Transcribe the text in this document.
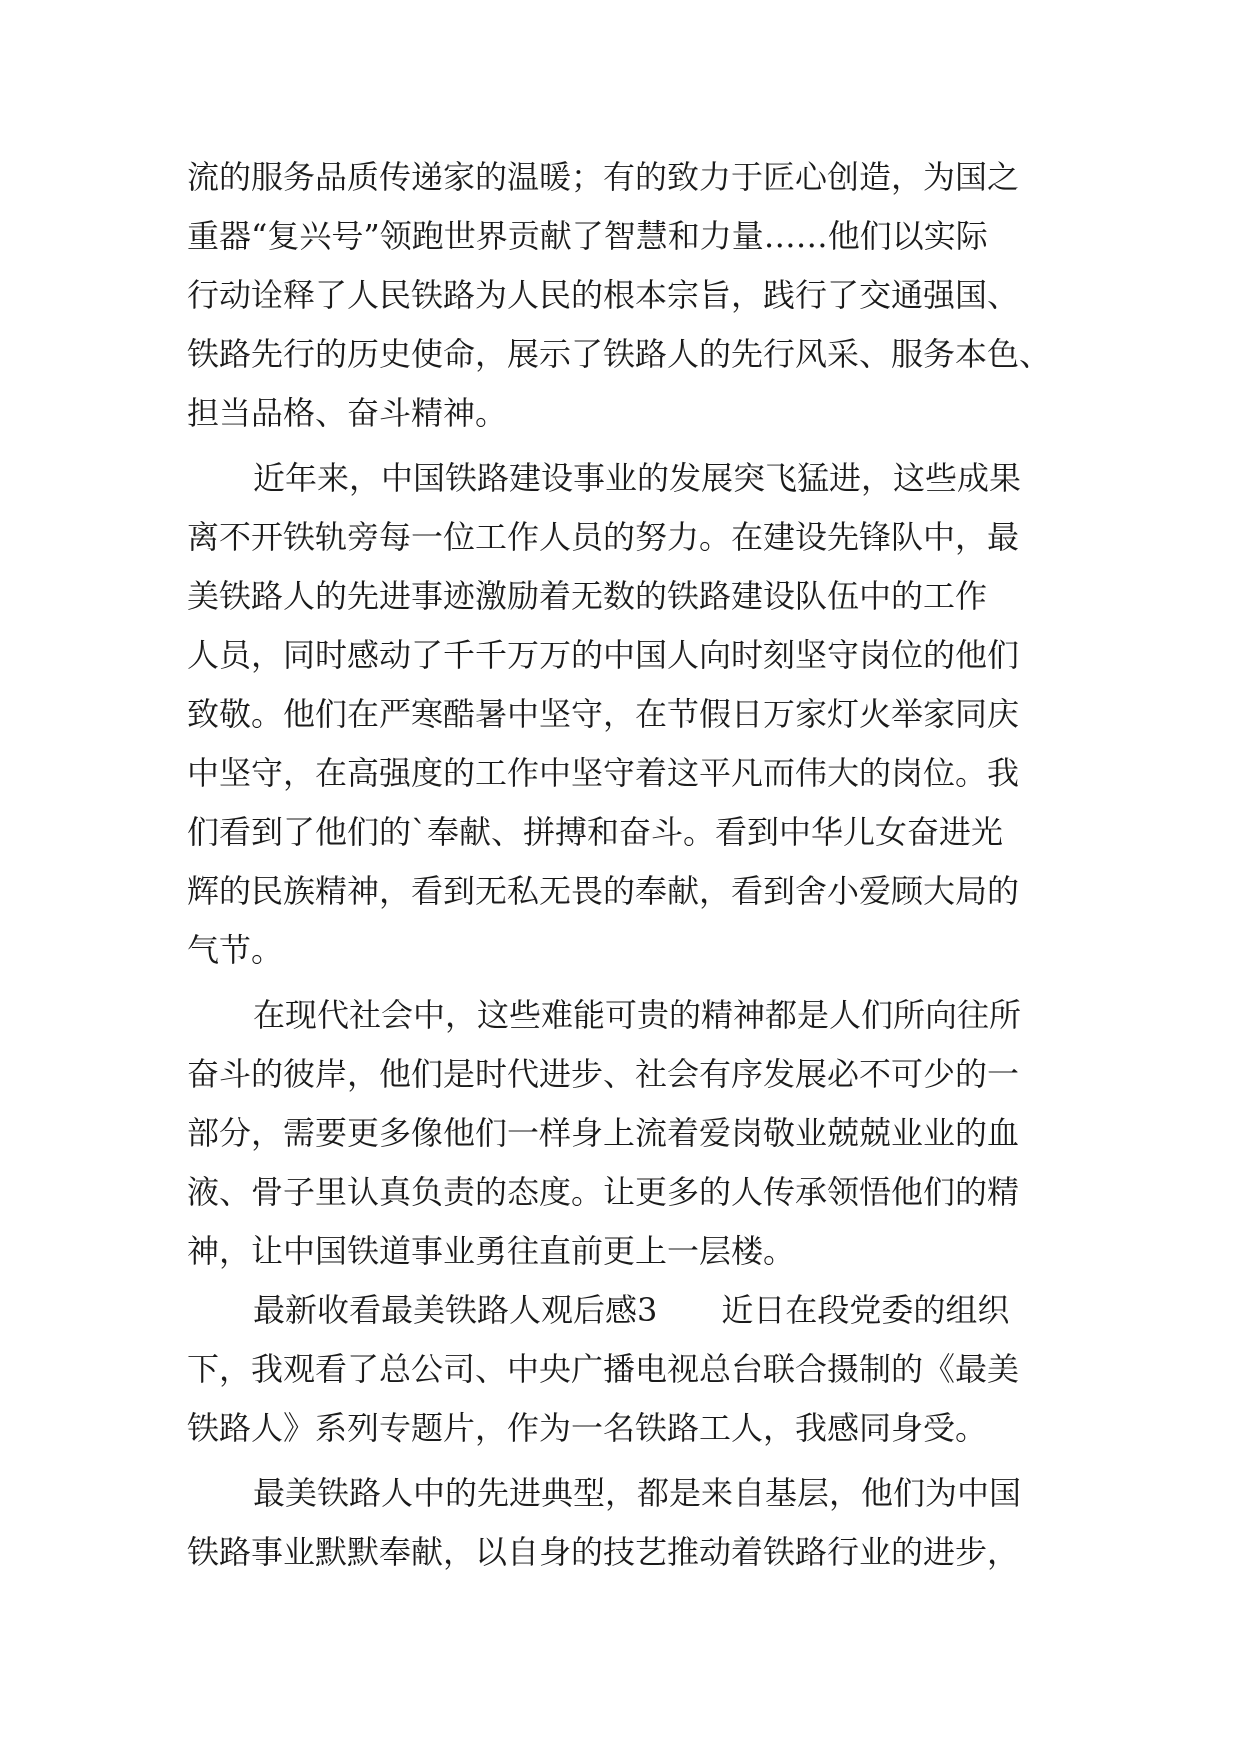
流的服务品质传递家的温暖；有的致力于匠心创造，为国之
重器“复兴号”领跑世界贡献了智慧和力量……他们以实际
行动诠释了人民铁路为人民的根本宗旨，践行了交通强国、
铁路先行的历史使命，展示了铁路人的先行风采、服务本色、
担当品格、奋斗精神。
近年来，中国铁路建设事业的发展突飞猛进，这些成果
离不开铁轨旁每一位工作人员的努力。在建设先锋队中，最
美铁路人的先进事迹激励着无数的铁路建设队伍中的工作
人员，同时感动了千千万万的中国人向时刻坚守岗位的他们
致敬。他们在严寒酷暑中坚守，在节假日万家灯火举家同庆
中坚守，在高强度的工作中坚守着这平凡而伟大的岗位。我
们看到了他们的`奉献、拼搏和奋斗。看到中华儿女奋进光
辉的民族精神，看到无私无畏的奉献，看到舍小爱顾大局的
气节。
在现代社会中，这些难能可贵的精神都是人们所向往所
奋斗的彼岸，他们是时代进步、社会有序发展必不可少的一
部分，需要更多像他们一样身上流着爱岗敬业兢兢业业的血
液、骨子里认真负责的态度。让更多的人传承领悟他们的精
神，让中国铁道事业勇往直前更上一层楼。
最新收看最美铁路人观后感3　　近日在段党委的组织
下，我观看了总公司、中央广播电视总台联合摄制的《最美
铁路人》系列专题片，作为一名铁路工人，我感同身受。
最美铁路人中的先进典型，都是来自基层，他们为中国
铁路事业默默奉献，以自身的技艺推动着铁路行业的进步，
